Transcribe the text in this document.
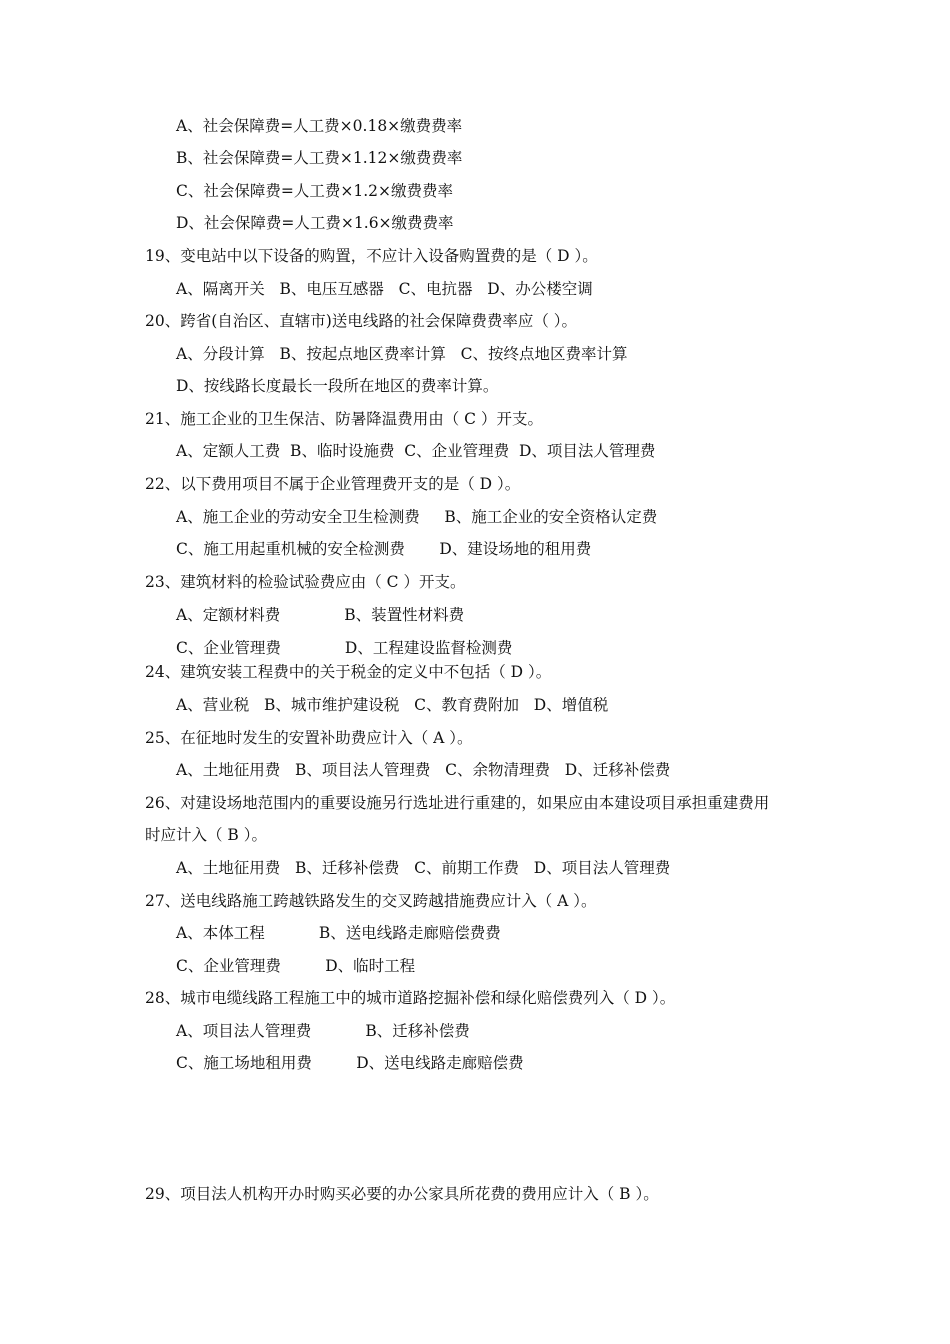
A、社会保障费=人工费×0.18×缴费费率
B、社会保障费=人工费×1.12×缴费费率
C、社会保障费=人工费×1.2×缴费费率
D、社会保障费=人工费×1.6×缴费费率
19、变电站中以下设备的购置，不应计入设备购置费的是（ D ）。
A、隔离开关   B、电压互感器   C、电抗器   D、办公楼空调
20、跨省(自治区、直辖市)送电线路的社会保障费费率应（ ）。
A、分段计算   B、按起点地区费率计算   C、按终点地区费率计算
D、按线路长度最长一段所在地区的费率计算。
21、施工企业的卫生保洁、防暑降温费用由（ C ）开支。
A、定额人工费  B、临时设施费  C、企业管理费  D、项目法人管理费
22、以下费用项目不属于企业管理费开支的是（ D ）。
A、施工企业的劳动安全卫生检测费     B、施工企业的安全资格认定费
C、施工用起重机械的安全检测费       D、建设场地的租用费
23、建筑材料的检验试验费应由（ C ）开支。
A、定额材料费             B、装置性材料费
C、企业管理费             D、工程建设监督检测费
24、建筑安装工程费中的关于税金的定义中不包括（ D ）。
A、营业税   B、城市维护建设税   C、教育费附加   D、增值税
25、在征地时发生的安置补助费应计入（ A ）。
A、土地征用费   B、项目法人管理费   C、余物清理费   D、迁移补偿费
26、对建设场地范围内的重要设施另行选址进行重建的，如果应由本建设项目承担重建费用
时应计入（ B ）。
A、土地征用费   B、迁移补偿费   C、前期工作费   D、项目法人管理费
27、送电线路施工跨越铁路发生的交叉跨越措施费应计入（ A ）。
A、本体工程           B、送电线路走廊赔偿费费
C、企业管理费         D、临时工程
28、城市电缆线路工程施工中的城市道路挖掘补偿和绿化赔偿费列入（ D ）。
A、项目法人管理费           B、迁移补偿费
C、施工场地租用费         D、送电线路走廊赔偿费
29、项目法人机构开办时购买必要的办公家具所花费的费用应计入（ B ）。
